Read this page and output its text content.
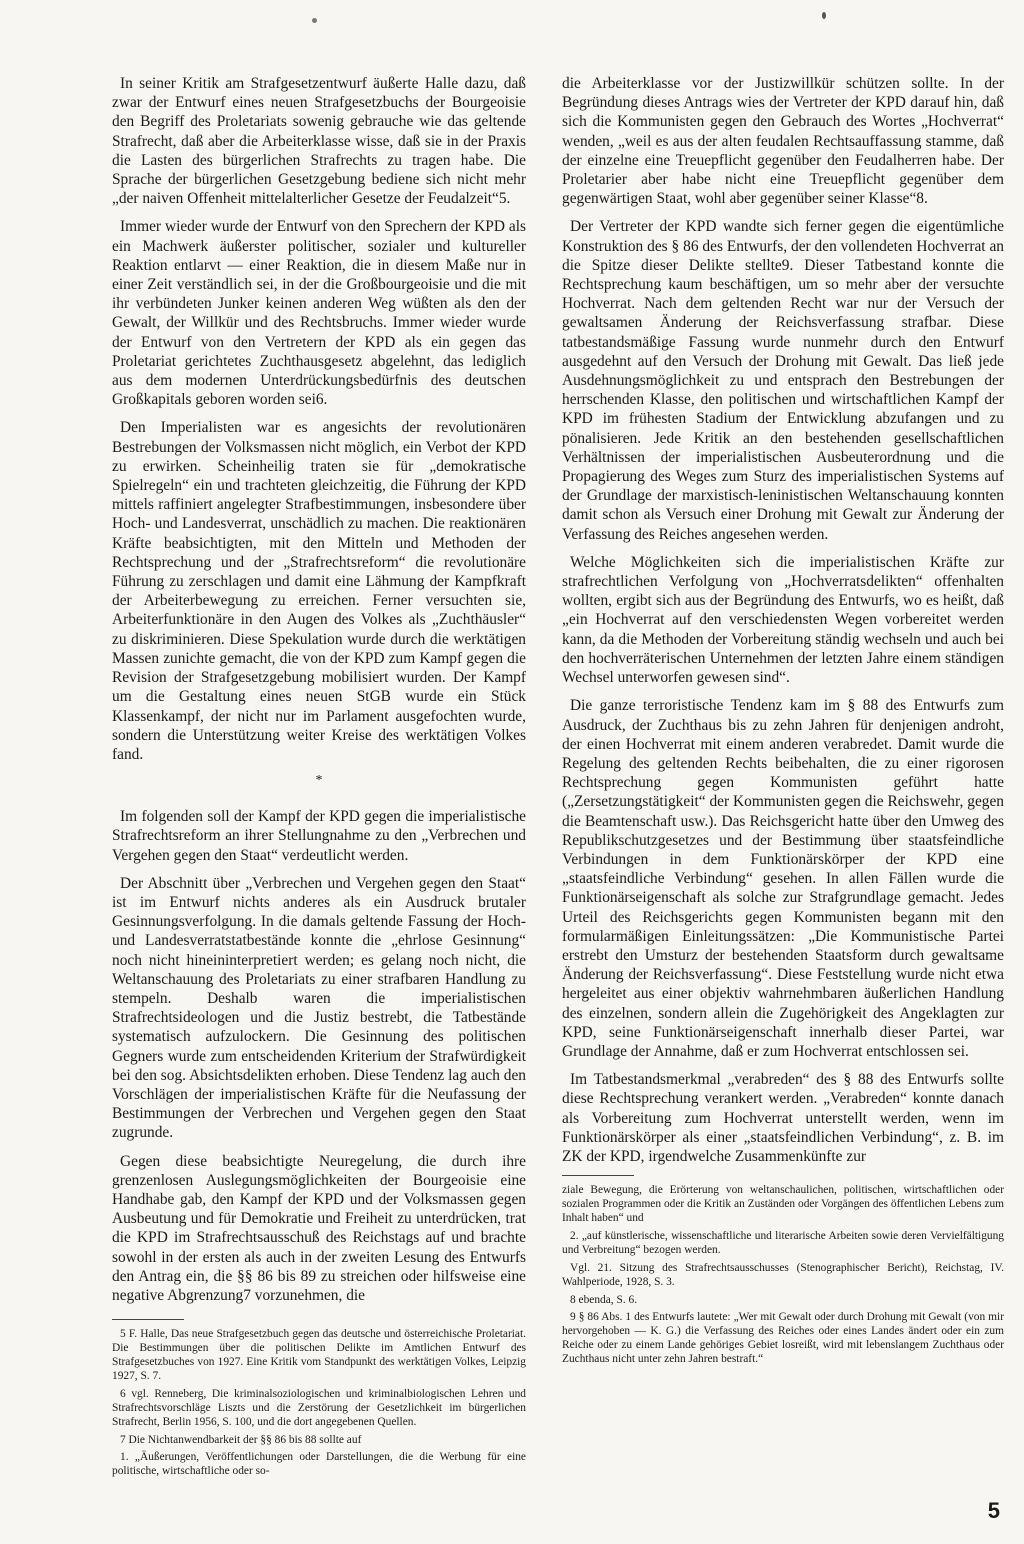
In seiner Kritik am Strafgesetzentwurf äußerte Halle dazu, daß zwar der Entwurf eines neuen Strafgesetzbuchs der Bourgeoisie den Begriff des Proletariats sowenig gebrauche wie das geltende Strafrecht, daß aber die Arbeiterklasse wisse, daß sie in der Praxis die Lasten des bürgerlichen Strafrechts zu tragen habe. Die Sprache der bürgerlichen Gesetzgebung bediene sich nicht mehr „der naiven Offenheit mittelalterlicher Gesetze der Feudalzeit“5.

Immer wieder wurde der Entwurf von den Sprechern der KPD als ein Machwerk äußerster politischer, sozialer und kultureller Reaktion entlarvt — einer Reaktion, die in diesem Maße nur in einer Zeit verständlich sei, in der die Großbourgeoisie und die mit ihr verbündeten Junker keinen anderen Weg wüßten als den der Gewalt, der Willkür und des Rechtsbruchs. Immer wieder wurde der Entwurf von den Vertretern der KPD als ein gegen das Proletariat gerichtetes Zuchthausgesetz abgelehnt, das lediglich aus dem modernen Unterdrückungsbedürfnis des deutschen Großkapitals geboren worden sei6.

Den Imperialisten war es angesichts der revolutionären Bestrebungen der Volksmassen nicht möglich, ein Verbot der KPD zu erwirken. Scheinheilig traten sie für „demokratische Spielregeln“ ein und trachteten gleichzeitig, die Führung der KPD mittels raffiniert angelegter Strafbestimmungen, insbesondere über Hoch- und Landesverrat, unschädlich zu machen. Die reaktionären Kräfte beabsichtigten, mit den Mitteln und Methoden der Rechtsprechung und der „Strafrechtsreform“ die revolutionäre Führung zu zerschlagen und damit eine Lähmung der Kampfkraft der Arbeiterbewegung zu erreichen. Ferner versuchten sie, Arbeiterfunktionäre in den Augen des Volkes als „Zuchthäusler“ zu diskriminieren. Diese Spekulation wurde durch die werktätigen Massen zunichte gemacht, die von der KPD zum Kampf gegen die Revision der Strafgesetzgebung mobilisiert wurden. Der Kampf um die Gestaltung eines neuen StGB wurde ein Stück Klassenkampf, der nicht nur im Parlament ausgefochten wurde, sondern die Unterstützung weiter Kreise des werktätigen Volkes fand.

*

Im folgenden soll der Kampf der KPD gegen die imperialistische Strafrechtsreform an ihrer Stellungnahme zu den „Verbrechen und Vergehen gegen den Staat“ verdeutlicht werden.

Der Abschnitt über „Verbrechen und Vergehen gegen den Staat“ ist im Entwurf nichts anderes als ein Ausdruck brutaler Gesinnungsverfolgung. In die damals geltende Fassung der Hoch- und Landesverratstatbestände konnte die „ehrlose Gesinnung“ noch nicht hineininterpretiert werden; es gelang noch nicht, die Weltanschauung des Proletariats zu einer strafbaren Handlung zu stempeln. Deshalb waren die imperialistischen Strafrechtsideologen und die Justiz bestrebt, die Tatbestände systematisch aufzulockern. Die Gesinnung des politischen Gegners wurde zum entscheidenden Kriterium der Strafwürdigkeit bei den sog. Absichtsdelikten erhoben. Diese Tendenz lag auch den Vorschlägen der imperialistischen Kräfte für die Neufassung der Bestimmungen der Verbrechen und Vergehen gegen den Staat zugrunde.

Gegen diese beabsichtigte Neuregelung, die durch ihre grenzenlosen Auslegungsmöglichkeiten der Bourgeoisie eine Handhabe gab, den Kampf der KPD und der Volksmassen gegen Ausbeutung und für Demokratie und Freiheit zu unterdrücken, trat die KPD im Strafrechtsausschuß des Reichstags auf und brachte sowohl in der ersten als auch in der zweiten Lesung des Entwurfs den Antrag ein, die §§ 86 bis 89 zu streichen oder hilfsweise eine negative Abgrenzung7 vorzunehmen, die

5 F. Halle, Das neue Strafgesetzbuch gegen das deutsche und österreichische Proletariat. Die Bestimmungen über die politischen Delikte im Amtlichen Entwurf des Strafgesetzbuches von 1927. Eine Kritik vom Standpunkt des werktätigen Volkes, Leipzig 1927, S. 7.

6 vgl. Renneberg, Die kriminalsoziologischen und kriminalbiologischen Lehren und Strafrechtsvorschläge Liszts und die Zerstörung der Gesetzlichkeit im bürgerlichen Strafrecht, Berlin 1956, S. 100, und die dort angegebenen Quellen.

7 Die Nichtanwendbarkeit der §§ 86 bis 88 sollte auf

1. „Äußerungen, Veröffentlichungen oder Darstellungen, die die Werbung für eine politische, wirtschaftliche oder so-

die Arbeiterklasse vor der Justizwillkür schützen sollte. In der Begründung dieses Antrags wies der Vertreter der KPD darauf hin, daß sich die Kommunisten gegen den Gebrauch des Wortes „Hochverrat“ wenden, „weil es aus der alten feudalen Rechtsauffassung stamme, daß der einzelne eine Treuepflicht gegenüber den Feudalherren habe. Der Proletarier aber habe nicht eine Treuepflicht gegenüber dem gegenwärtigen Staat, wohl aber gegenüber seiner Klasse“8.

Der Vertreter der KPD wandte sich ferner gegen die eigentümliche Konstruktion des § 86 des Entwurfs, der den vollendeten Hochverrat an die Spitze dieser Delikte stellte9. Dieser Tatbestand konnte die Rechtsprechung kaum beschäftigen, um so mehr aber der versuchte Hochverrat. Nach dem geltenden Recht war nur der Versuch der gewaltsamen Änderung der Reichsverfassung strafbar. Diese tatbestandsmäßige Fassung wurde nunmehr durch den Entwurf ausgedehnt auf den Versuch der Drohung mit Gewalt. Das ließ jede Ausdehnungsmöglichkeit zu und entsprach den Bestrebungen der herrschenden Klasse, den politischen und wirtschaftlichen Kampf der KPD im frühesten Stadium der Entwicklung abzufangen und zu pönalisieren. Jede Kritik an den bestehenden gesellschaftlichen Verhältnissen der imperialistischen Ausbeuterordnung und die Propagierung des Weges zum Sturz des imperialistischen Systems auf der Grundlage der marxistisch-leninistischen Weltanschauung konnten damit schon als Versuch einer Drohung mit Gewalt zur Änderung der Verfassung des Reiches angesehen werden.

Welche Möglichkeiten sich die imperialistischen Kräfte zur strafrechtlichen Verfolgung von „Hochverratsdelikten“ offenhalten wollten, ergibt sich aus der Begründung des Entwurfs, wo es heißt, daß „ein Hochverrat auf den verschiedensten Wegen vorbereitet werden kann, da die Methoden der Vorbereitung ständig wechseln und auch bei den hochverräterischen Unternehmen der letzten Jahre einem ständigen Wechsel unterworfen gewesen sind“.

Die ganze terroristische Tendenz kam im § 88 des Entwurfs zum Ausdruck, der Zuchthaus bis zu zehn Jahren für denjenigen androht, der einen Hochverrat mit einem anderen verabredet. Damit wurde die Regelung des geltenden Rechts beibehalten, die zu einer rigorosen Rechtsprechung gegen Kommunisten geführt hatte („Zersetzungstätigkeit“ der Kommunisten gegen die Reichswehr, gegen die Beamtenschaft usw.). Das Reichsgericht hatte über den Umweg des Republikschutzgesetzes und der Bestimmung über staatsfeindliche Verbindungen in dem Funktionärskörper der KPD eine „staatsfeindliche Verbindung“ gesehen. In allen Fällen wurde die Funktionärseigenschaft als solche zur Strafgrundlage gemacht. Jedes Urteil des Reichsgerichts gegen Kommunisten begann mit den formularmäßigen Einleitungssätzen: „Die Kommunistische Partei erstrebt den Umsturz der bestehenden Staatsform durch gewaltsame Änderung der Reichsverfassung“. Diese Feststellung wurde nicht etwa hergeleitet aus einer objektiv wahrnehmbaren äußerlichen Handlung des einzelnen, sondern allein die Zugehörigkeit des Angeklagten zur KPD, seine Funktionärseigenschaft innerhalb dieser Partei, war Grundlage der Annahme, daß er zum Hochverrat entschlossen sei.

Im Tatbestandsmerkmal „verabreden“ des § 88 des Entwurfs sollte diese Rechtsprechung verankert werden. „Verabreden“ konnte danach als Vorbereitung zum Hochverrat unterstellt werden, wenn im Funktionärskörper als einer „staatsfeindlichen Verbindung“, z. B. im ZK der KPD, irgendwelche Zusammenkünfte zur

ziale Bewegung, die Erörterung von weltanschaulichen, politischen, wirtschaftlichen oder sozialen Programmen oder die Kritik an Zuständen oder Vorgängen des öffentlichen Lebens zum Inhalt haben“ und

2. „auf künstlerische, wissenschaftliche und literarische Arbeiten sowie deren Vervielfältigung und Verbreitung“ bezogen werden.

Vgl. 21. Sitzung des Strafrechtsausschusses (Stenographischer Bericht), Reichstag, IV. Wahlperiode, 1928, S. 3.

8 ebenda, S. 6.

9 § 86 Abs. 1 des Entwurfs lautete: „Wer mit Gewalt oder durch Drohung mit Gewalt (von mir hervorgehoben — K. G.) die Verfassung des Reiches oder eines Landes ändert oder ein zum Reiche oder zu einem Lande gehöriges Gebiet losreißt, wird mit lebenslangem Zuchthaus oder Zuchthaus nicht unter zehn Jahren bestraft.“

5
